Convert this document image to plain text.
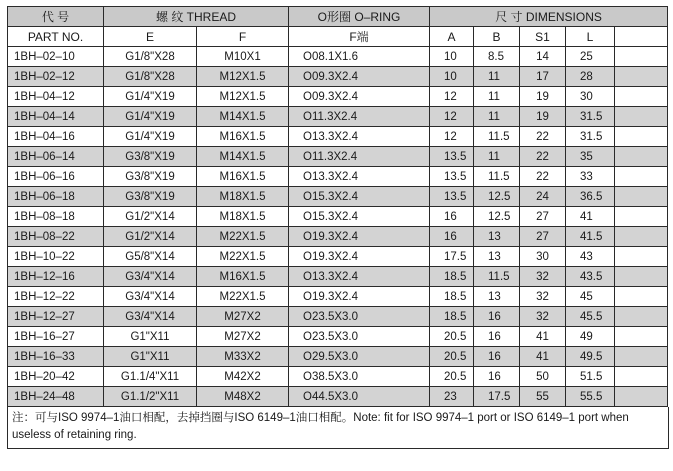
代 号	螺 纹 THREAD		O形圈 O–RING	尺 寸 DIMENSIONS				
PART NO.	E	F	F端	A	B	S1	L	
1BH–02–10	G1/8"X28	M10X1	O08.1X1.6	10	8.5	14	25	
1BH–02–12	G1/8"X28	M12X1.5	O09.3X2.4	10	11	17	28	
1BH–04–12	G1/4"X19	M12X1.5	O09.3X2.4	12	11	19	30	
1BH–04–14	G1/4"X19	M14X1.5	O11.3X2.4	12	11	19	31.5	
1BH–04–16	G1/4"X19	M16X1.5	O13.3X2.4	12	11.5	22	31.5	
1BH–06–14	G3/8"X19	M14X1.5	O11.3X2.4	13.5	11	22	35	
1BH–06–16	G3/8"X19	M16X1.5	O13.3X2.4	13.5	11.5	22	33	
1BH–06–18	G3/8"X19	M18X1.5	O15.3X2.4	13.5	12.5	24	36.5	
1BH–08–18	G1/2"X14	M18X1.5	O15.3X2.4	16	12.5	27	41	
1BH–08–22	G1/2"X14	M22X1.5	O19.3X2.4	16	13	27	41.5	
1BH–10–22	G5/8"X14	M22X1.5	O19.3X2.4	17.5	13	30	43	
1BH–12–16	G3/4"X14	M16X1.5	O13.3X2.4	18.5	11.5	32	43.5	
1BH–12–22	G3/4"X14	M22X1.5	O19.3X2.4	18.5	13	32	45	
1BH–12–27	G3/4"X14	M27X2	O23.5X3.0	18.5	16	32	45.5	
1BH–16–27	G1"X11	M27X2	O23.5X3.0	20.5	16	41	49	
1BH–16–33	G1"X11	M33X2	O29.5X3.0	20.5	16	41	49.5	
1BH–20–42	G1.1/4"X11	M42X2	O38.5X3.0	20.5	16	50	51.5	
1BH–24–48	G1.1/2"X11	M48X2	O44.5X3.0	23	17.5	55	55.5	
注：可与ISO 9974–1油口相配，去掉挡圈与ISO 6149–1油口相配。Note: fit for ISO 9974–1 port or ISO 6149–1 port when useless of retaining ring.
